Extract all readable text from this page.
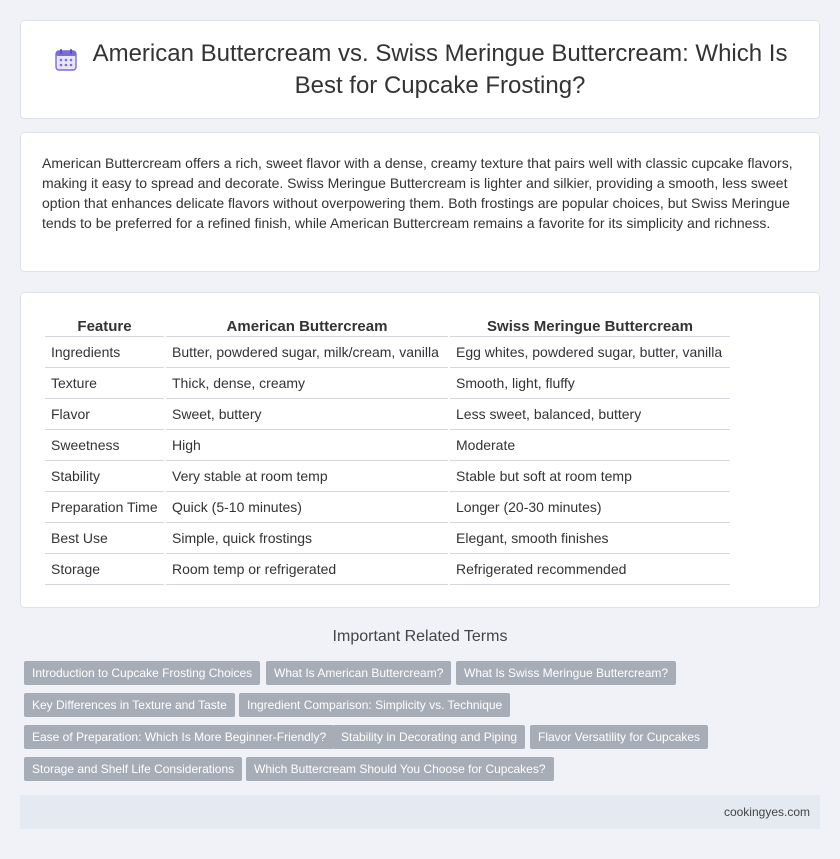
American Buttercream vs. Swiss Meringue Buttercream: Which Is Best for Cupcake Frosting?

American Buttercream offers a rich, sweet flavor with a dense, creamy texture that pairs well with classic cupcake flavors, making it easy to spread and decorate. Swiss Meringue Buttercream is lighter and silkier, providing a smooth, less sweet option that enhances delicate flavors without overpowering them. Both frostings are popular choices, but Swiss Meringue tends to be preferred for a refined finish, while American Buttercream remains a favorite for its simplicity and richness.

Feature	American Buttercream	Swiss Meringue Buttercream
Ingredients	Butter, powdered sugar, milk/cream, vanilla	Egg whites, powdered sugar, butter, vanilla
Texture	Thick, dense, creamy	Smooth, light, fluffy
Flavor	Sweet, buttery	Less sweet, balanced, buttery
Sweetness	High	Moderate
Stability	Very stable at room temp	Stable but soft at room temp
Preparation Time	Quick (5-10 minutes)	Longer (20-30 minutes)
Best Use	Simple, quick frostings	Elegant, smooth finishes
Storage	Room temp or refrigerated	Refrigerated recommended
Important Related Terms
Introduction to Cupcake Frosting Choices	What Is American Buttercream?	What Is Swiss Meringue Buttercream?
Key Differences in Texture and Taste	Ingredient Comparison: Simplicity vs. Technique
Ease of Preparation: Which Is More Beginner-Friendly?	Stability in Decorating and Piping	Flavor Versatility for Cupcakes
Storage and Shelf Life Considerations	Which Buttercream Should You Choose for Cupcakes?
cookingyes.com
